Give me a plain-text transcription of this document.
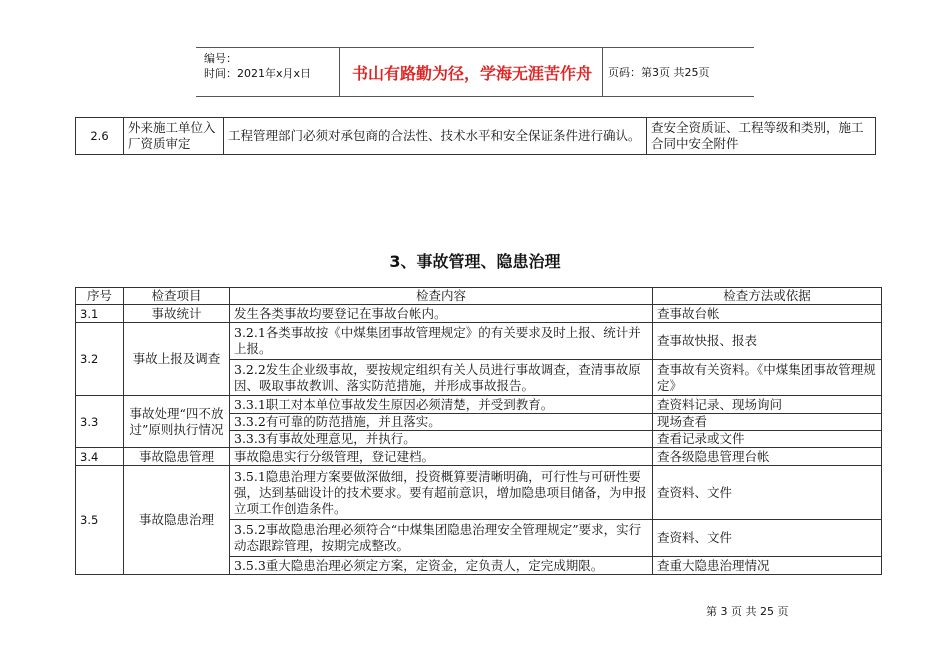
编号：
时间：2021年x月x日	书山有路勤为径，学海无涯苦作舟	页码：第3页 共25页
2.6	外来施工单位入厂资质审定	工程管理部门必须对承包商的合法性、技术水平和安全保证条件进行确认。	查安全资质证、工程等级和类别，施工合同中安全附件
3、事故管理、隐患治理
序号	检查项目	检查内容	检查方法或依据
3.1	事故统计	发生各类事故均要登记在事故台帐内。	查事故台帐
3.2	事故上报及调查	3.2.1各类事故按《中煤集团事故管理规定》的有关要求及时上报、统计并上报。	查事故快报、报表
		3.2.2发生企业级事故，要按规定组织有关人员进行事故调查，查清事故原因、吸取事故教训、落实防范措施，并形成事故报告。	查事故有关资料。《中煤集团事故管理规定》
3.3	事故处理“四不放过”原则执行情况	3.3.1职工对本单位事故发生原因必须清楚，并受到教育。	查资料记录、现场询问
		3.3.2有可靠的防范措施，并且落实。	现场查看
		3.3.3有事故处理意见，并执行。	查看记录或文件
3.4	事故隐患管理	事故隐患实行分级管理，登记建档。	查各级隐患管理台帐
3.5	事故隐患治理	3.5.1隐患治理方案要做深做细，投资概算要清晰明确，可行性与可研性要强，达到基础设计的技术要求。要有超前意识，增加隐患项目储备，为申报立项工作创造条件。	查资料、文件
		3.5.2事故隐患治理必须符合“中煤集团隐患治理安全管理规定”要求，实行动态跟踪管理，按期完成整改。	查资料、文件
		3.5.3重大隐患治理必须定方案，定资金，定负责人，定完成期限。	查重大隐患治理情况
第 3 页 共 25 页
